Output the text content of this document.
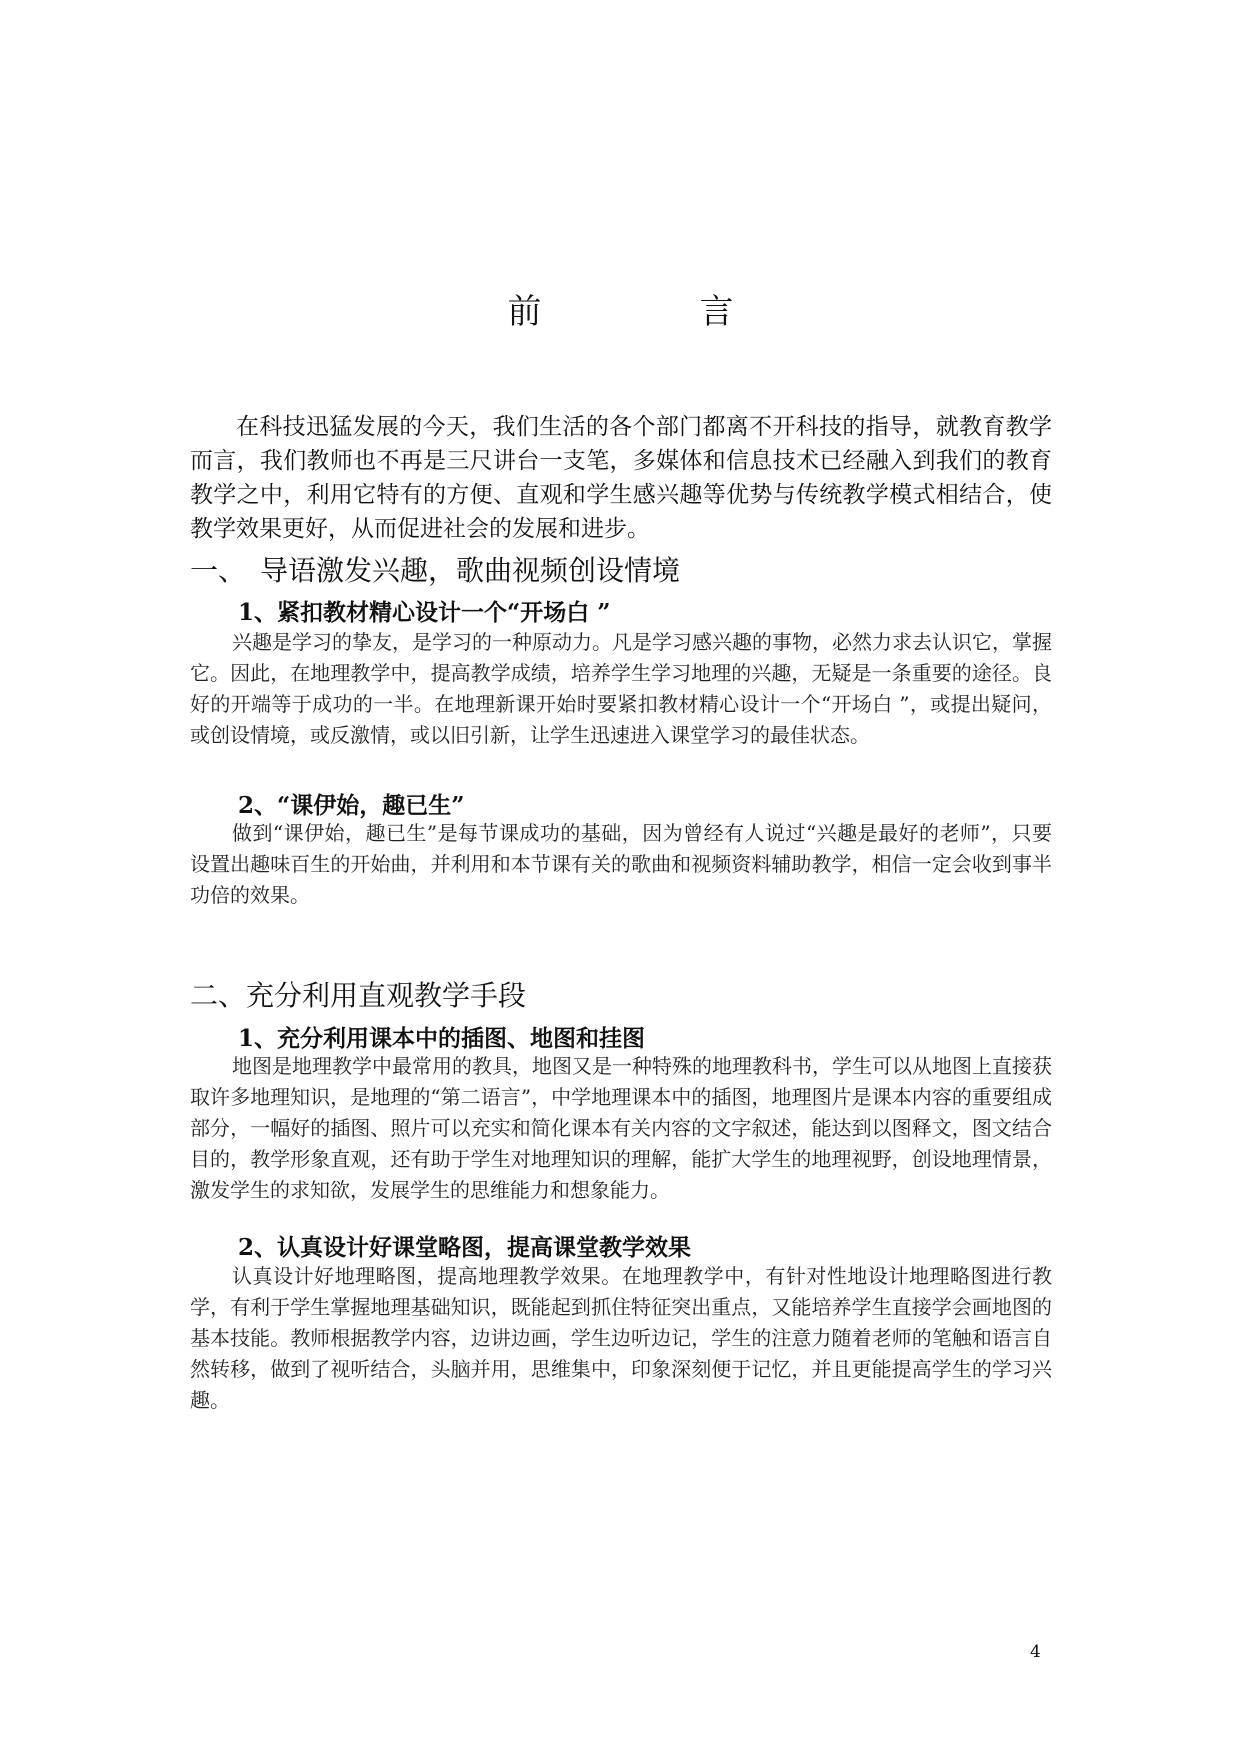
前　言
在科技迅猛发展的今天，我们生活的各个部门都离不开科技的指导，就教育教学而言，我们教师也不再是三尺讲台一支笔，多媒体和信息技术已经融入到我们的教育教学之中，利用它特有的方便、直观和学生感兴趣等优势与传统教学模式相结合，使教学效果更好，从而促进社会的发展和进步。
一、 导语激发兴趣，歌曲视频创设情境
1、紧扣教材精心设计一个“开场白 ”
兴趣是学习的挚友，是学习的一种原动力。凡是学习感兴趣的事物，必然力求去认识它，掌握它。因此，在地理教学中，提高教学成绩，培养学生学习地理的兴趣，无疑是一条重要的途径。良好的开端等于成功的一半。在地理新课开始时要紧扣教材精心设计一个“开场白 ”，或提出疑问，或创设情境，或反激情，或以旧引新，让学生迅速进入课堂学习的最佳状态。
2、“课伊始，趣已生”
做到“课伊始，趣已生”是每节课成功的基础，因为曾经有人说过“兴趣是最好的老师”，只要设置出趣味百生的开始曲，并利用和本节课有关的歌曲和视频资料辅助教学，相信一定会收到事半功倍的效果。
二、充分利用直观教学手段
1、充分利用课本中的插图、地图和挂图
地图是地理教学中最常用的教具，地图又是一种特殊的地理教科书，学生可以从地图上直接获取许多地理知识，是地理的“第二语言”，中学地理课本中的插图，地理图片是课本内容的重要组成部分，一幅好的插图、照片可以充实和简化课本有关内容的文字叙述，能达到以图释文，图文结合目的，教学形象直观，还有助于学生对地理知识的理解，能扩大学生的地理视野，创设地理情景，激发学生的求知欲，发展学生的思维能力和想象能力。
2、认真设计好课堂略图，提高课堂教学效果
认真设计好地理略图，提高地理教学效果。在地理教学中，有针对性地设计地理略图进行教学，有利于学生掌握地理基础知识，既能起到抓住特征突出重点，又能培养学生直接学会画地图的基本技能。教师根据教学内容，边讲边画，学生边听边记，学生的注意力随着老师的笔触和语言自然转移，做到了视听结合，头脑并用，思维集中，印象深刻便于记忆，并且更能提高学生的学习兴趣。
4
